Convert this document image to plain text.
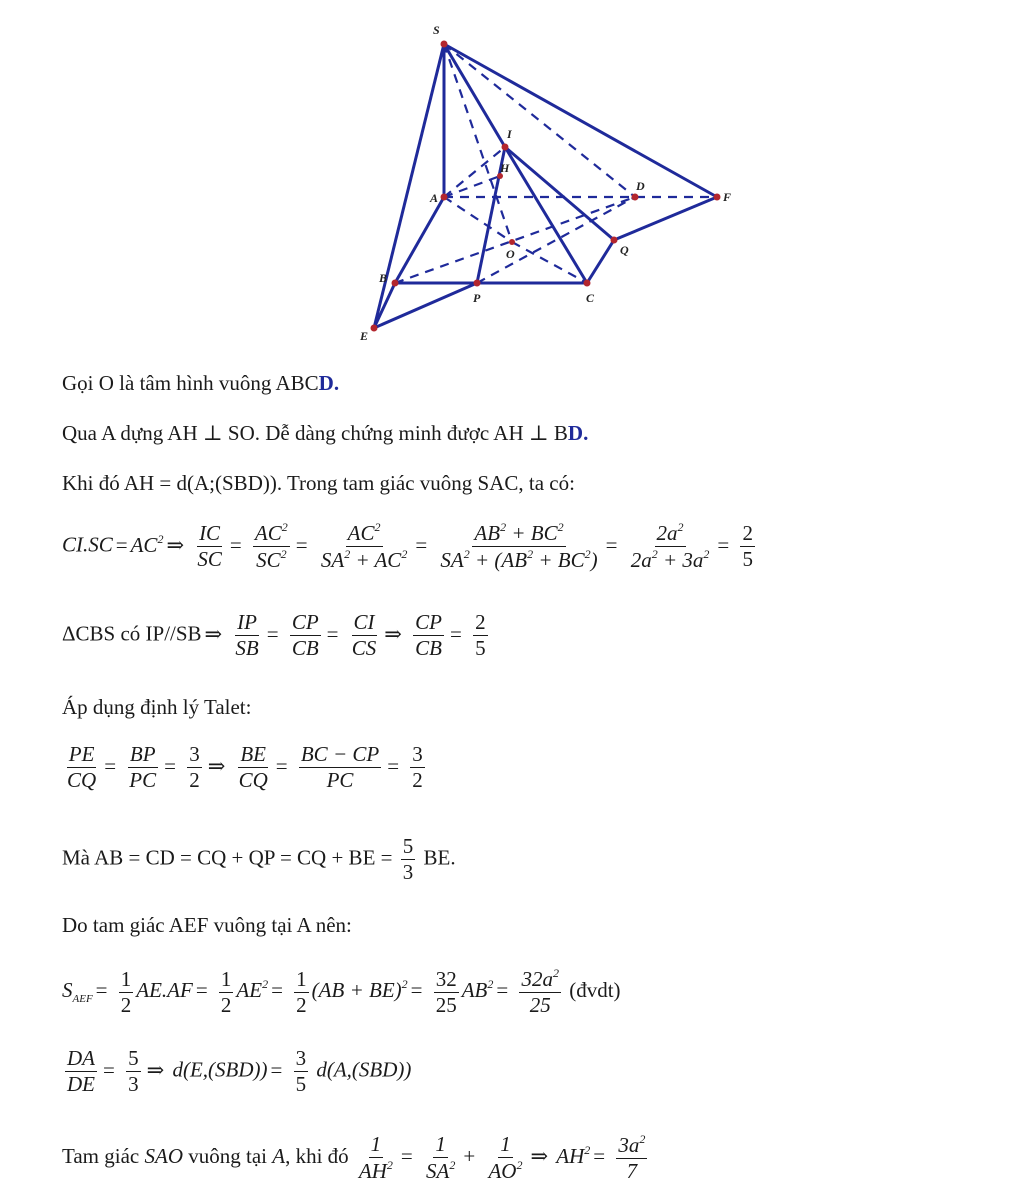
S
I
H
A
D
F
O	Q
B
P	C
E
Gọi O là tâm hình vuông ABCD.
Qua A dựng AH ⊥ SO. Dễ dàng chứng minh được AH ⊥ BD.
Khi đó AH = d(A;(SBD)). Trong tam giác vuông SAC, ta có:
$CI.SC = AC^2$ ⇒ $\frac{IC}{SC} = \frac{AC^2}{SC^2} = \frac{AC^2}{SA^2 + AC^2} = \frac{AB^2 + BC^2}{SA^2 + (AB^2 + BC^2)} = \frac{2a^2}{2a^2 + 3a^2} = \frac{2}{5}$
ΔCBS có IP//SB ⇒ $\frac{IP}{SB} = \frac{CP}{CB} = \frac{CI}{CS}$ ⇒ $\frac{CP}{CB} = \frac{2}{5}$
Áp dụng định lý Talet:
$\frac{PE}{CQ} = \frac{BP}{PC} = \frac{3}{2}$ ⇒ $\frac{BE}{CQ} = \frac{BC - CP}{PC} = \frac{3}{2}$
Mà AB = CD = CQ + QP = CQ + BE = $\frac{5}{3}$ BE.
Do tam giác AEF vuông tại A nên:
$S_{AEF} = \frac{1}{2} AE.AF = \frac{1}{2} AE^2 = \frac{1}{2} (AB + BE)^2 = \frac{32}{25} AB^2 = \frac{32a^2}{25}$ (đvdt)
$\frac{DA}{DE} = \frac{5}{3}$ ⇒ $d(E,(SBD)) = \frac{3}{5} d(A,(SBD))$
Tam giác SAO vuông tại A, khi đó $\frac{1}{AH^2} = \frac{1}{SA^2} + \frac{1}{AO^2}$ ⇒ $AH^2 = \frac{3a^2}{7}$
